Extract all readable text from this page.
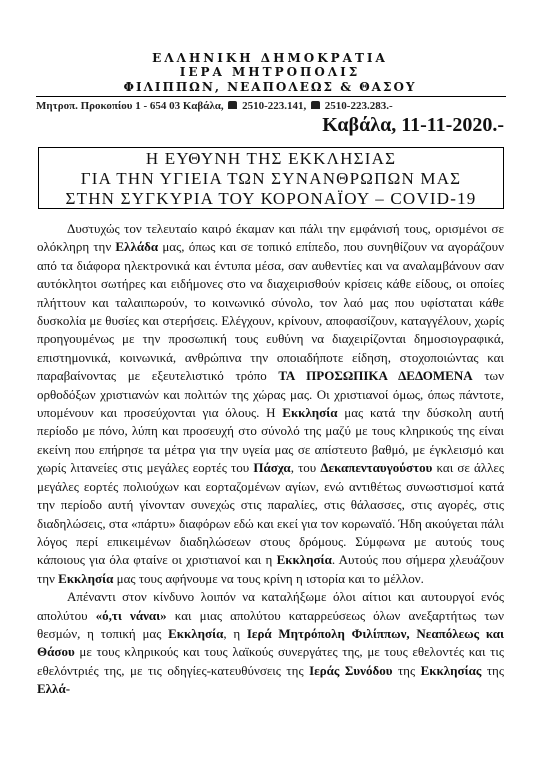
ΕΛΛΗΝΙΚΗ ΔΗΜΟΚΡΑΤΙΑ
ΙΕΡΑ ΜΗΤΡΟΠΟΛΙΣ
ΦΙΛΙΠΠΩΝ, ΝΕΑΠΟΛΕΩΣ & ΘΑΣΟΥ
Μητροπ. Προκοπίου 1 - 654 03 Καβάλα, 2510-223.141, 2510-223.283.-
Καβάλα, 11-11-2020.-
Η ΕΥΘΥΝΗ ΤΗΣ ΕΚΚΛΗΣΙΑΣ
ΓΙΑ ΤΗΝ ΥΓΙΕΙΑ ΤΩΝ ΣΥΝΑΝΘΡΩΠΩΝ ΜΑΣ
ΣΤΗΝ ΣΥΓΚΥΡΙΑ ΤΟΥ ΚΟΡΟΝΑΪΟΥ – COVID-19

Δυστυχώς τον τελευταίο καιρό έκαμαν και πάλι την εμφάνισή τους, ορισμένοι σε ολόκληρη την Ελλάδα μας, όπως και σε τοπικό επίπεδο, που συνηθίζουν να αγοράζουν από τα διάφορα ηλεκτρονικά και έντυπα μέσα, σαν αυθεντίες και να αναλαμβάνουν σαν αυτόκλητοι σωτήρες και ειδήμονες στο να διαχειρισθούν κρίσεις κάθε είδους, οι οποίες πλήττουν και ταλαιπωρούν, το κοινωνικό σύνολο, τον λαό μας που υφίσταται κάθε δυσκολία με θυσίες και στερήσεις. Ελέγχουν, κρίνουν, αποφασίζουν, καταγγέλουν, χωρίς προηγουμένως με την προσωπική τους ευθύνη να διαχειρίζονται δημοσιογραφικά, επιστημονικά, κοινωνικά, ανθρώπινα την οποιαδήποτε είδηση, στοχοποιώντας και παραβαίνοντας με εξευτελιστικό τρόπο ΤΑ ΠΡΟΣΩΠΙΚΑ ΔΕΔΟΜΕΝΑ των ορθοδόξων χριστιανών και πολιτών της χώρας μας. Οι χριστιανοί όμως, όπως πάντοτε, υπομένουν και προσεύχονται για όλους. Η Εκκλησία μας κατά την δύσκολη αυτή περίοδο με πόνο, λύπη και προσευχή στο σύνολό της μαζύ με τους κληρικούς της είναι εκείνη που επήρησε τα μέτρα για την υγεία μας σε απίστευτο βαθμό, με έγκλεισμό και χωρίς λιτανείες στις μεγάλες εορτές του Πάσχα, του Δεκαπενταυγούστου και σε άλλες μεγάλες εορτές πολιούχων και εορταζομένων αγίων, ενώ αντιθέτως συνωστισμοί κατά την περίοδο αυτή γίνονταν συνεχώς στις παραλίες, στις θάλασσες, στις αγορές, στις διαδηλώσεις, στα «πάρτυ» διαφόρων εδώ και εκεί για τον κορωναϊό. Ήδη ακούγεται πάλι λόγος περί επικειμένων διαδηλώσεων στους δρόμους. Σύμφωνα με αυτούς τους κάποιους για όλα φταίνε οι χριστιανοί και η Εκκλησία. Αυτούς που σήμερα χλευάζουν την Εκκλησία μας τους αφήνουμε να τους κρίνη η ιστορία και το μέλλον.

Απέναντι στον κίνδυνο λοιπόν να καταλήξωμε όλοι αίτιοι και αυτουργοί ενός απολύτου «ό,τι νάναι» και μιας απολύτου καταρρεύσεως όλων ανεξαρτήτως των θεσμών, η τοπική μας Εκκλησία, η Ιερά Μητρόπολη Φιλίππων, Νεαπόλεως και Θάσου με τους κληρικούς και τους λαϊκούς συνεργάτες της, με τους εθελοντές και τις εθελόντριές της, με τις οδηγίες-κατευθύνσεις της Ιεράς Συνόδου της Εκκλησίας της Ελλά-
